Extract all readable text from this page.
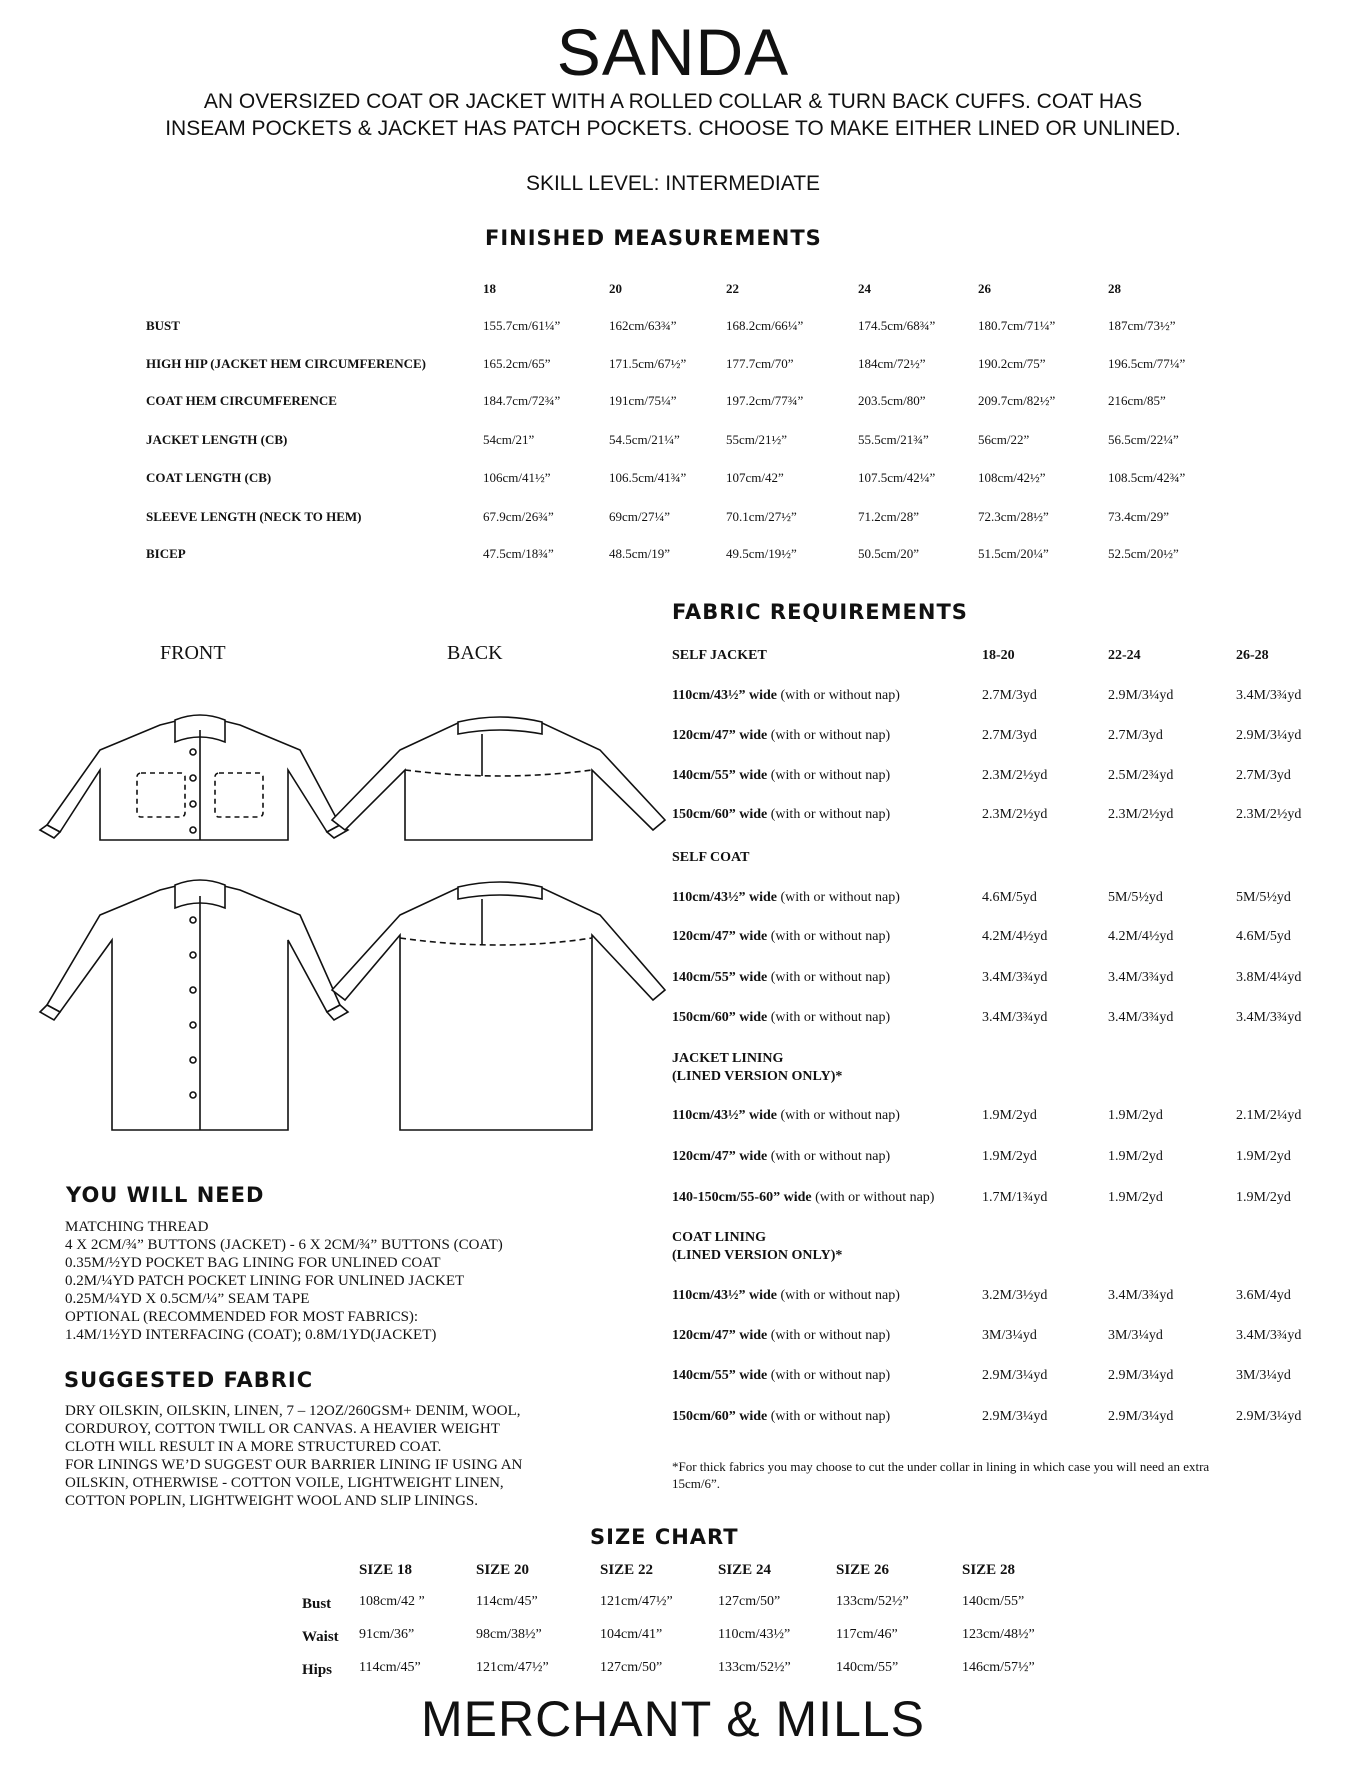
SANDA
AN OVERSIZED COAT OR JACKET WITH A ROLLED COLLAR & TURN BACK CUFFS. COAT HAS
INSEAM POCKETS & JACKET HAS PATCH POCKETS. CHOOSE TO MAKE EITHER LINED OR UNLINED.
SKILL LEVEL: INTERMEDIATE
FINISHED MEASUREMENTS
18	20	22	24	26	28
BUST	155.7cm/61¼”	162cm/63¾”	168.2cm/66¼”	174.5cm/68¾”	180.7cm/71¼”	187cm/73½”
HIGH HIP (JACKET HEM CIRCUMFERENCE)	165.2cm/65”	171.5cm/67½”	177.7cm/70”	184cm/72½”	190.2cm/75”	196.5cm/77¼”
COAT HEM CIRCUMFERENCE	184.7cm/72¾”	191cm/75¼”	197.2cm/77¾”	203.5cm/80”	209.7cm/82½”	216cm/85”
JACKET LENGTH (CB)	54cm/21”	54.5cm/21¼”	55cm/21½”	55.5cm/21¾”	56cm/22”	56.5cm/22¼”
COAT LENGTH (CB)	106cm/41½”	106.5cm/41¾”	107cm/42”	107.5cm/42¼”	108cm/42½”	108.5cm/42¾”
SLEEVE LENGTH (NECK TO HEM)	67.9cm/26¾”	69cm/27¼”	70.1cm/27½”	71.2cm/28”	72.3cm/28½”	73.4cm/29”
BICEP	47.5cm/18¾”	48.5cm/19”	49.5cm/19½”	50.5cm/20”	51.5cm/20¼”	52.5cm/20½”
FRONT	BACK
FABRIC REQUIREMENTS
SELF JACKET	18-20	22-24	26-28
110cm/43½” wide (with or without nap)	2.7M/3yd	2.9M/3¼yd	3.4M/3¾yd
120cm/47” wide (with or without nap)	2.7M/3yd	2.7M/3yd	2.9M/3¼yd
140cm/55” wide (with or without nap)	2.3M/2½yd	2.5M/2¾yd	2.7M/3yd
150cm/60” wide (with or without nap)	2.3M/2½yd	2.3M/2½yd	2.3M/2½yd
SELF COAT
110cm/43½” wide (with or without nap)	4.6M/5yd	5M/5½yd	5M/5½yd
120cm/47” wide (with or without nap)	4.2M/4½yd	4.2M/4½yd	4.6M/5yd
140cm/55” wide (with or without nap)	3.4M/3¾yd	3.4M/3¾yd	3.8M/4¼yd
150cm/60” wide (with or without nap)	3.4M/3¾yd	3.4M/3¾yd	3.4M/3¾yd
JACKET LINING
(LINED VERSION ONLY)*
110cm/43½” wide (with or without nap)	1.9M/2yd	1.9M/2yd	2.1M/2¼yd
120cm/47” wide (with or without nap)	1.9M/2yd	1.9M/2yd	1.9M/2yd
140-150cm/55-60” wide (with or without nap)	1.7M/1¾yd	1.9M/2yd	1.9M/2yd
COAT LINING
(LINED VERSION ONLY)*
110cm/43½” wide (with or without nap)	3.2M/3½yd	3.4M/3¾yd	3.6M/4yd
120cm/47” wide (with or without nap)	3M/3¼yd	3M/3¼yd	3.4M/3¾yd
140cm/55” wide (with or without nap)	2.9M/3¼yd	2.9M/3¼yd	3M/3¼yd
150cm/60” wide (with or without nap)	2.9M/3¼yd	2.9M/3¼yd	2.9M/3¼yd
*For thick fabrics you may choose to cut the under collar in lining in which case you will need an extra
15cm/6”.
YOU WILL NEED
MATCHING THREAD
4 X 2CM/¾” BUTTONS (JACKET) - 6 X 2CM/¾” BUTTONS (COAT)
0.35M/½YD POCKET BAG LINING FOR UNLINED COAT
0.2M/¼YD PATCH POCKET LINING FOR UNLINED JACKET
0.25M/¼YD X 0.5CM/¼” SEAM TAPE
OPTIONAL (RECOMMENDED FOR MOST FABRICS):
1.4M/1½YD INTERFACING (COAT); 0.8M/1YD(JACKET)
SUGGESTED FABRIC
DRY OILSKIN, OILSKIN, LINEN, 7 – 12OZ/260GSM+ DENIM, WOOL,
CORDUROY, COTTON TWILL OR CANVAS. A HEAVIER WEIGHT
CLOTH WILL RESULT IN A MORE STRUCTURED COAT.
FOR LININGS WE’D SUGGEST OUR BARRIER LINING IF USING AN
OILSKIN, OTHERWISE - COTTON VOILE, LIGHTWEIGHT LINEN,
COTTON POPLIN, LIGHTWEIGHT WOOL AND SLIP LININGS.
SIZE CHART
SIZE 18	SIZE 20	SIZE 22	SIZE 24	SIZE 26	SIZE 28
Bust 108cm/42 ”	114cm/45”	121cm/47½”	127cm/50”	133cm/52½”	140cm/55”
Waist 91cm/36”	98cm/38½”	104cm/41”	110cm/43½”	117cm/46”	123cm/48½”
Hips 114cm/45”	121cm/47½”	127cm/50”	133cm/52½”	140cm/55”	146cm/57½”
MERCHANT & MILLS
